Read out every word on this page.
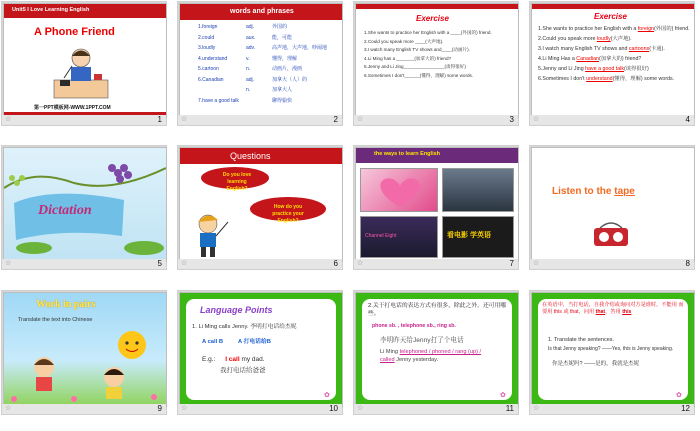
Unit5 I Love Learning English
A Phone Friend
第一PPT模板网-WWW.1PPT.COM
☆	1
words and phrases
1.foreign	adj.	外国的
2.could	aux.	能，可能
3.loudly	adv.	高声地，大声地，吵闹地
4.understand	v.	懂得，理解
5.cartoon	n.	动画片，漫画
6.Canadian	adj.	加拿大（人）的
n.	加拿大人
7.have a good talk	聊得愉快
☆	2
Exercise
1.She wants to practice her English with a ____(外国的) friend.
2.Could you speak more ____(大声地).
3.I watch many English TV shows and____(动画片).
4.Li Ming has a _______(加拿大的) friend?
5.Jenny and Li Jing________________(谈得很好)
6.Sometimes I don't______(懂得，理解) some words.
☆	3
Exercise
1.She wants to practice her English with a foreign(外国的) friend.
2.Could you speak more loudly(大声地).
3.I watch many English TV shows and cartoons(卡通).
4.Li Ming Has a Canadian(加拿大的) friend?
5.Jenny and Li Jing have a good talk(谈得很好)
6.Sometimes I don't understand(懂得，理解) some words.
☆	4
Dictation
☆	5
Questions
Do you love learning English?
How do you practice your English?
☆	6
the ways to learn English
Channel Eight	看电影 学英语
☆	7
Listen to the tape
☆	8
Work in pairs
Translate the text into Chinese
☆	9
Language Points
1. Li Ming calls Jenny. 李明打电话给杰妮
A call B	A 打电话给B
E.g.: I call my dad.
我打电话给爸爸
✿
☆	10
2.关于打电话的表达方式有很多，除此之外，还可用哪些。
phone sb. , telephone sb., ring sb.
李明昨天给Jenny打了个电话
Li Ming telephoned / phoned / rang (up) /
called Jenny yesterday.
✿
☆	11
在英语中，当打电话，自我介绍或询问对方是谁时，不能用 而要用 this 或 that，问用 that，答用 this
1. Translate the sentences.
Is that Jenny speaking? ——Yes, this is Jenny speaking.
你是杰妮吗? ——是的，我就是杰妮
✿
☆	12
